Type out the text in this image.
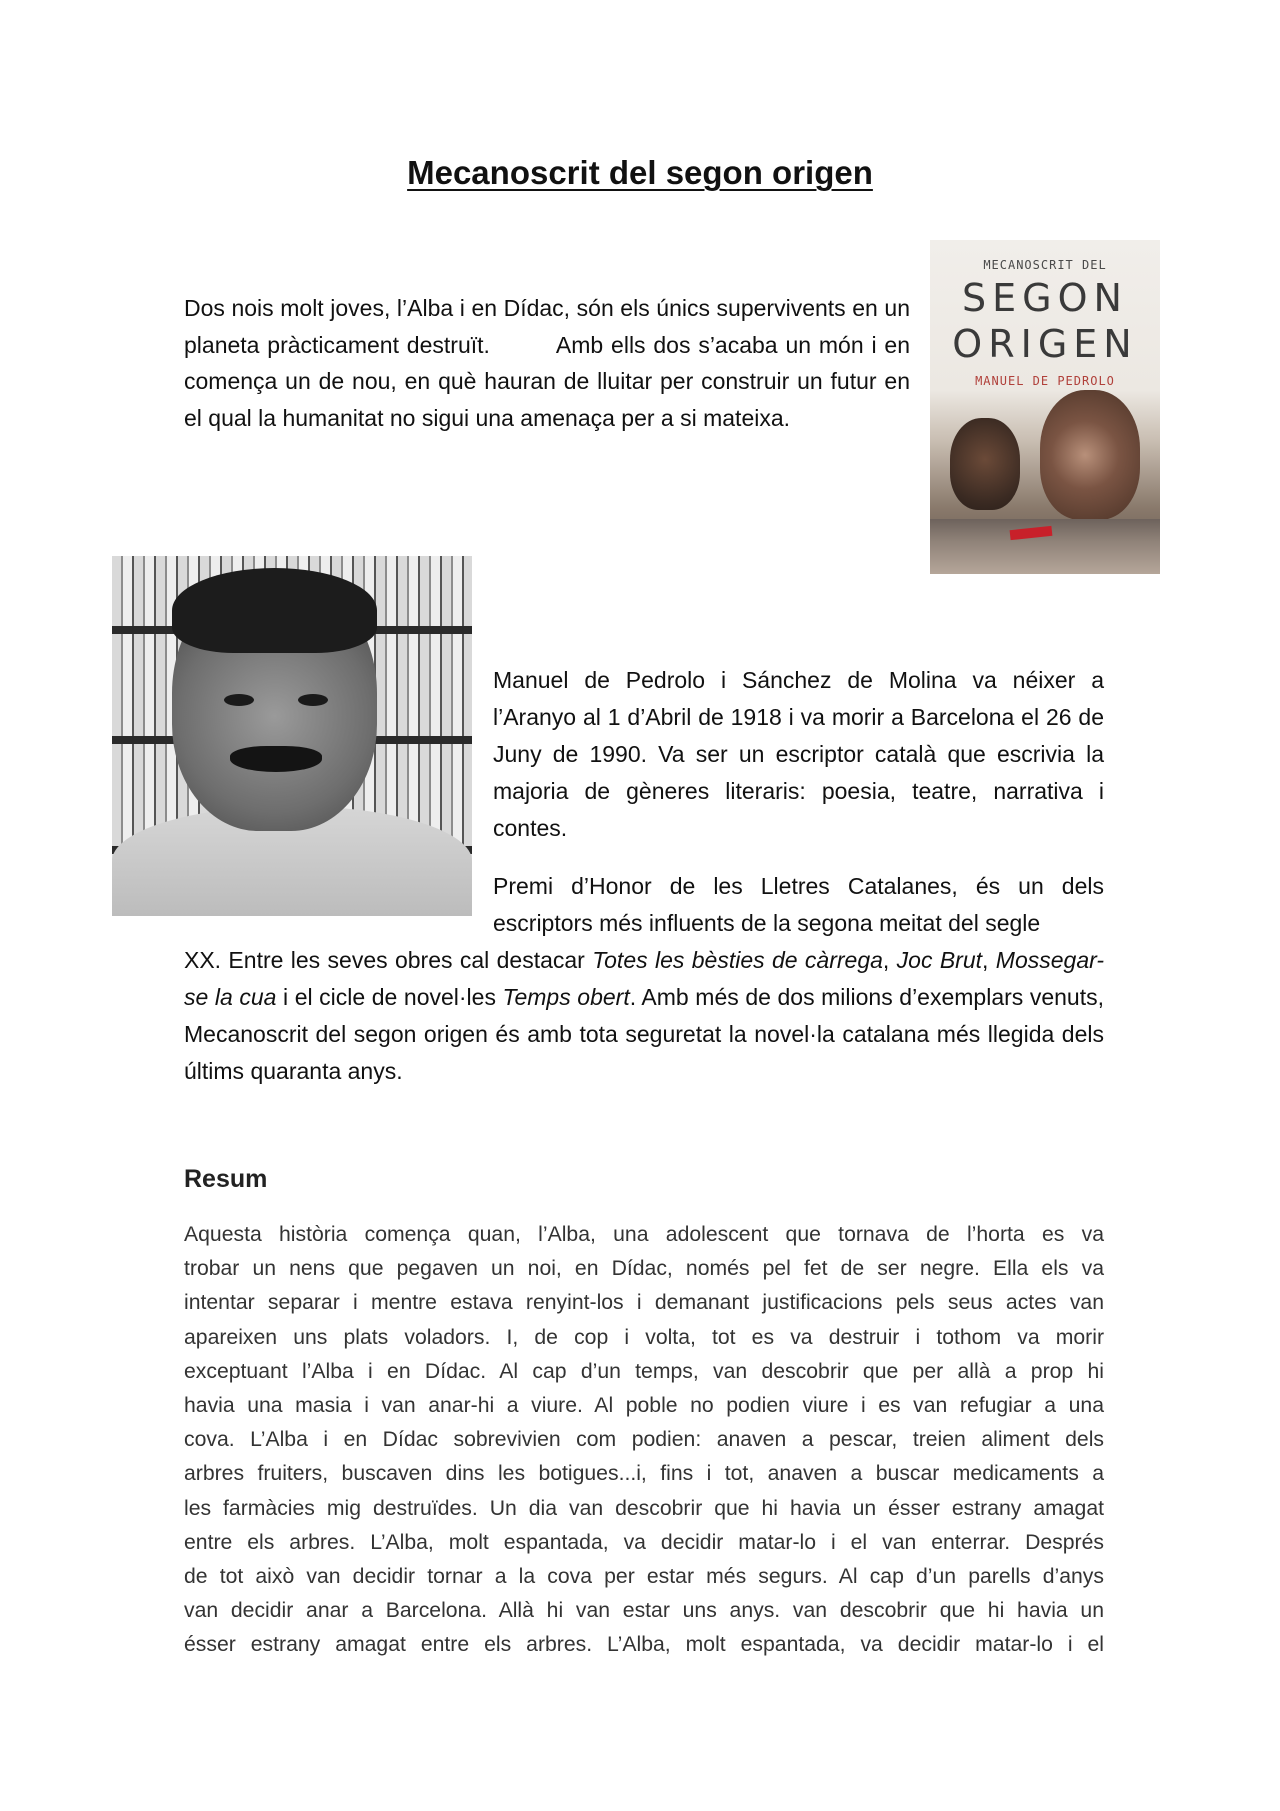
Mecanoscrit del segon origen

Dos nois molt joves, l’Alba i en Dídac, són els únics supervivents en un planeta pràcticament destruït.	Amb ells dos s’acaba un món i en comença un de nou, en què hauran de lluitar per construir un futur en el qual la humanitat no sigui una amenaça per a si mateixa.

MECANOSCRIT DEL
SEGON
ORIGEN
MANUEL DE PEDROLO

Manuel de Pedrolo i Sánchez de Molina va néixer a l’Aranyo al 1 d’Abril de 1918 i va morir a Barcelona el 26 de Juny de 1990. Va ser un escriptor català que escrivia la majoria de gèneres literaris: poesia, teatre, narrativa i contes.

Premi d’Honor de les Lletres Catalanes, és un dels escriptors més influents de la segona meitat del segle

XX. Entre les seves obres cal destacar Totes les bèsties de càrrega, Joc Brut, Mossegar-se la cua i el cicle de novel·les Temps obert. Amb més de dos milions d’exemplars venuts, Mecanoscrit del segon origen és amb tota seguretat la novel·la catalana més llegida dels últims quaranta anys.

Resum
Aquesta història comença quan, l’Alba, una adolescent que tornava de l’horta es va
trobar un nens que pegaven un noi, en Dídac, només pel fet de ser negre. Ella els va
intentar separar i mentre estava renyint-los i demanant justificacions pels seus actes van
apareixen uns plats voladors. I, de cop i volta, tot es va destruir i tothom va morir
exceptuant l’Alba i en Dídac. Al cap d’un temps, van descobrir que per allà a prop hi
havia una masia i van anar-hi a viure. Al poble no podien viure i es van refugiar a una
cova. L’Alba i en Dídac sobrevivien com podien: anaven a pescar, treien aliment dels
arbres fruiters, buscaven dins les botigues...i, fins i tot, anaven a buscar medicaments a
les farmàcies mig destruïdes. Un dia van descobrir que hi havia un ésser estrany amagat
entre els arbres. L’Alba, molt espantada, va decidir matar-lo i el van enterrar. Després
de tot això van decidir tornar a la cova per estar més segurs. Al cap d’un parells d’anys
van decidir anar a Barcelona. Allà hi van estar uns anys. van descobrir que hi havia un
ésser estrany amagat entre els arbres. L’Alba, molt espantada, va decidir matar-lo i el
